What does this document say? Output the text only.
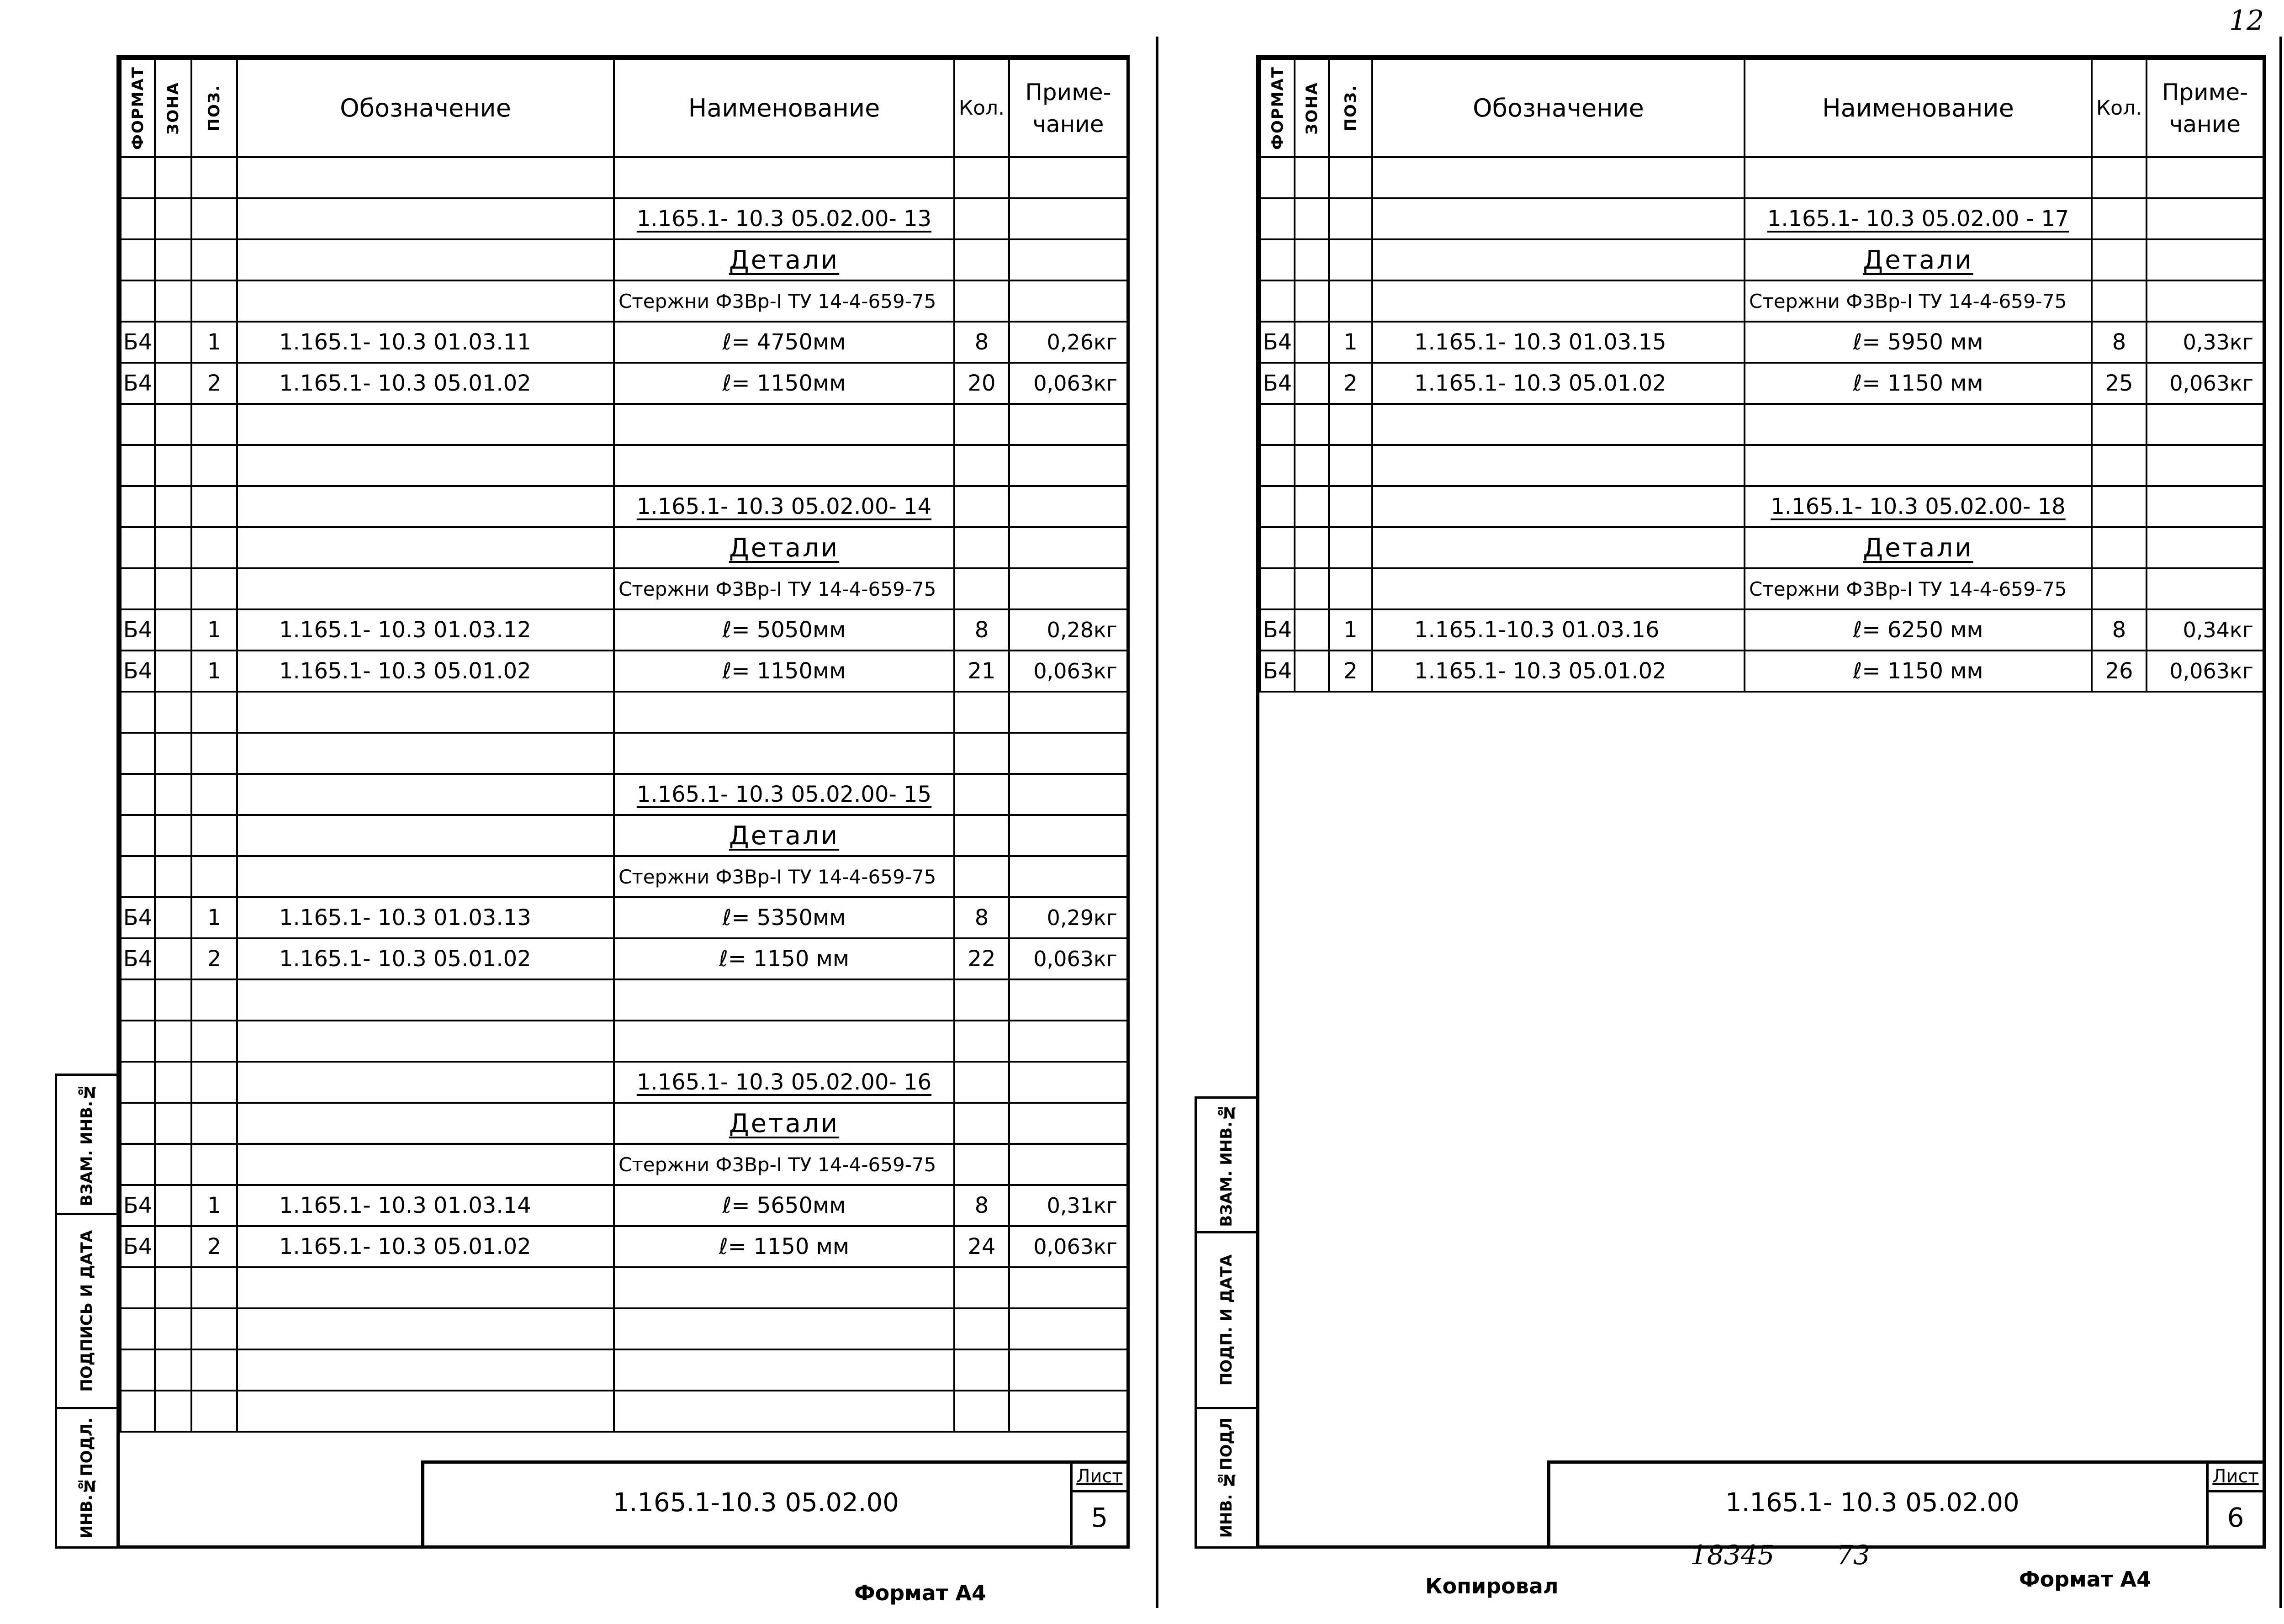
12
ФОРМАТ	ЗОНА	ПОЗ.	Обозначение	Наименование	Кол.	Приме-
чание

				1.165.1- 10.3 05.02.00- 13		
				Детали		
				Стержни Ф3Вр-I ТУ 14-4-659-75		
Б4		1	1.165.1- 10.3 01.03.11	ℓ= 4750мм	8	0,26кг
Б4		2	1.165.1- 10.3 05.01.02	ℓ= 1150мм	20	0,063кг

				1.165.1- 10.3 05.02.00- 14		
				Детали		
				Стержни Ф3Вр-I ТУ 14-4-659-75		
Б4		1	1.165.1- 10.3 01.03.12	ℓ= 5050мм	8	0,28кг
Б4		1	1.165.1- 10.3 05.01.02	ℓ= 1150мм	21	0,063кг

				1.165.1- 10.3 05.02.00- 15		
				Детали		
				Стержни Ф3Вр-I ТУ 14-4-659-75		
Б4		1	1.165.1- 10.3 01.03.13	ℓ= 5350мм	8	0,29кг
Б4		2	1.165.1- 10.3 05.01.02	ℓ= 1150 мм	22	0,063кг

				1.165.1- 10.3 05.02.00- 16		
				Детали		
				Стержни Ф3Вр-I ТУ 14-4-659-75		
Б4		1	1.165.1- 10.3 01.03.14	ℓ= 5650мм	8	0,31кг
Б4		2	1.165.1- 10.3 05.01.02	ℓ= 1150 мм	24	0,063кг

1.165.1-10.3 05.02.00
Лист
5
ВЗАМ. ИНВ.№
ПОДПИСЬ И ДАТА
ИНВ.№ПОДЛ.
Формат А4
ФОРМАТ	ЗОНА	ПОЗ.	Обозначение	Наименование	Кол.	Приме-
чание

				1.165.1- 10.3 05.02.00 - 17		
				Детали		
				Стержни Ф3Вр-I ТУ 14-4-659-75		
Б4		1	1.165.1- 10.3 01.03.15	ℓ= 5950 мм	8	0,33кг
Б4		2	1.165.1- 10.3 05.01.02	ℓ= 1150 мм	25	0,063кг

				1.165.1- 10.3 05.02.00- 18		
				Детали		
				Стержни Ф3Вр-I ТУ 14-4-659-75		
Б4		1	1.165.1-10.3 01.03.16	ℓ= 6250 мм	8	0,34кг
Б4		2	1.165.1- 10.3 05.01.02	ℓ= 1150 мм	26	0,063кг
1.165.1- 10.3 05.02.00
Лист
6
ВЗАМ. ИНВ.№
ПОДП. И ДАТА
ИНВ. №ПОДЛ
Копировал
18345 73
Формат А4
